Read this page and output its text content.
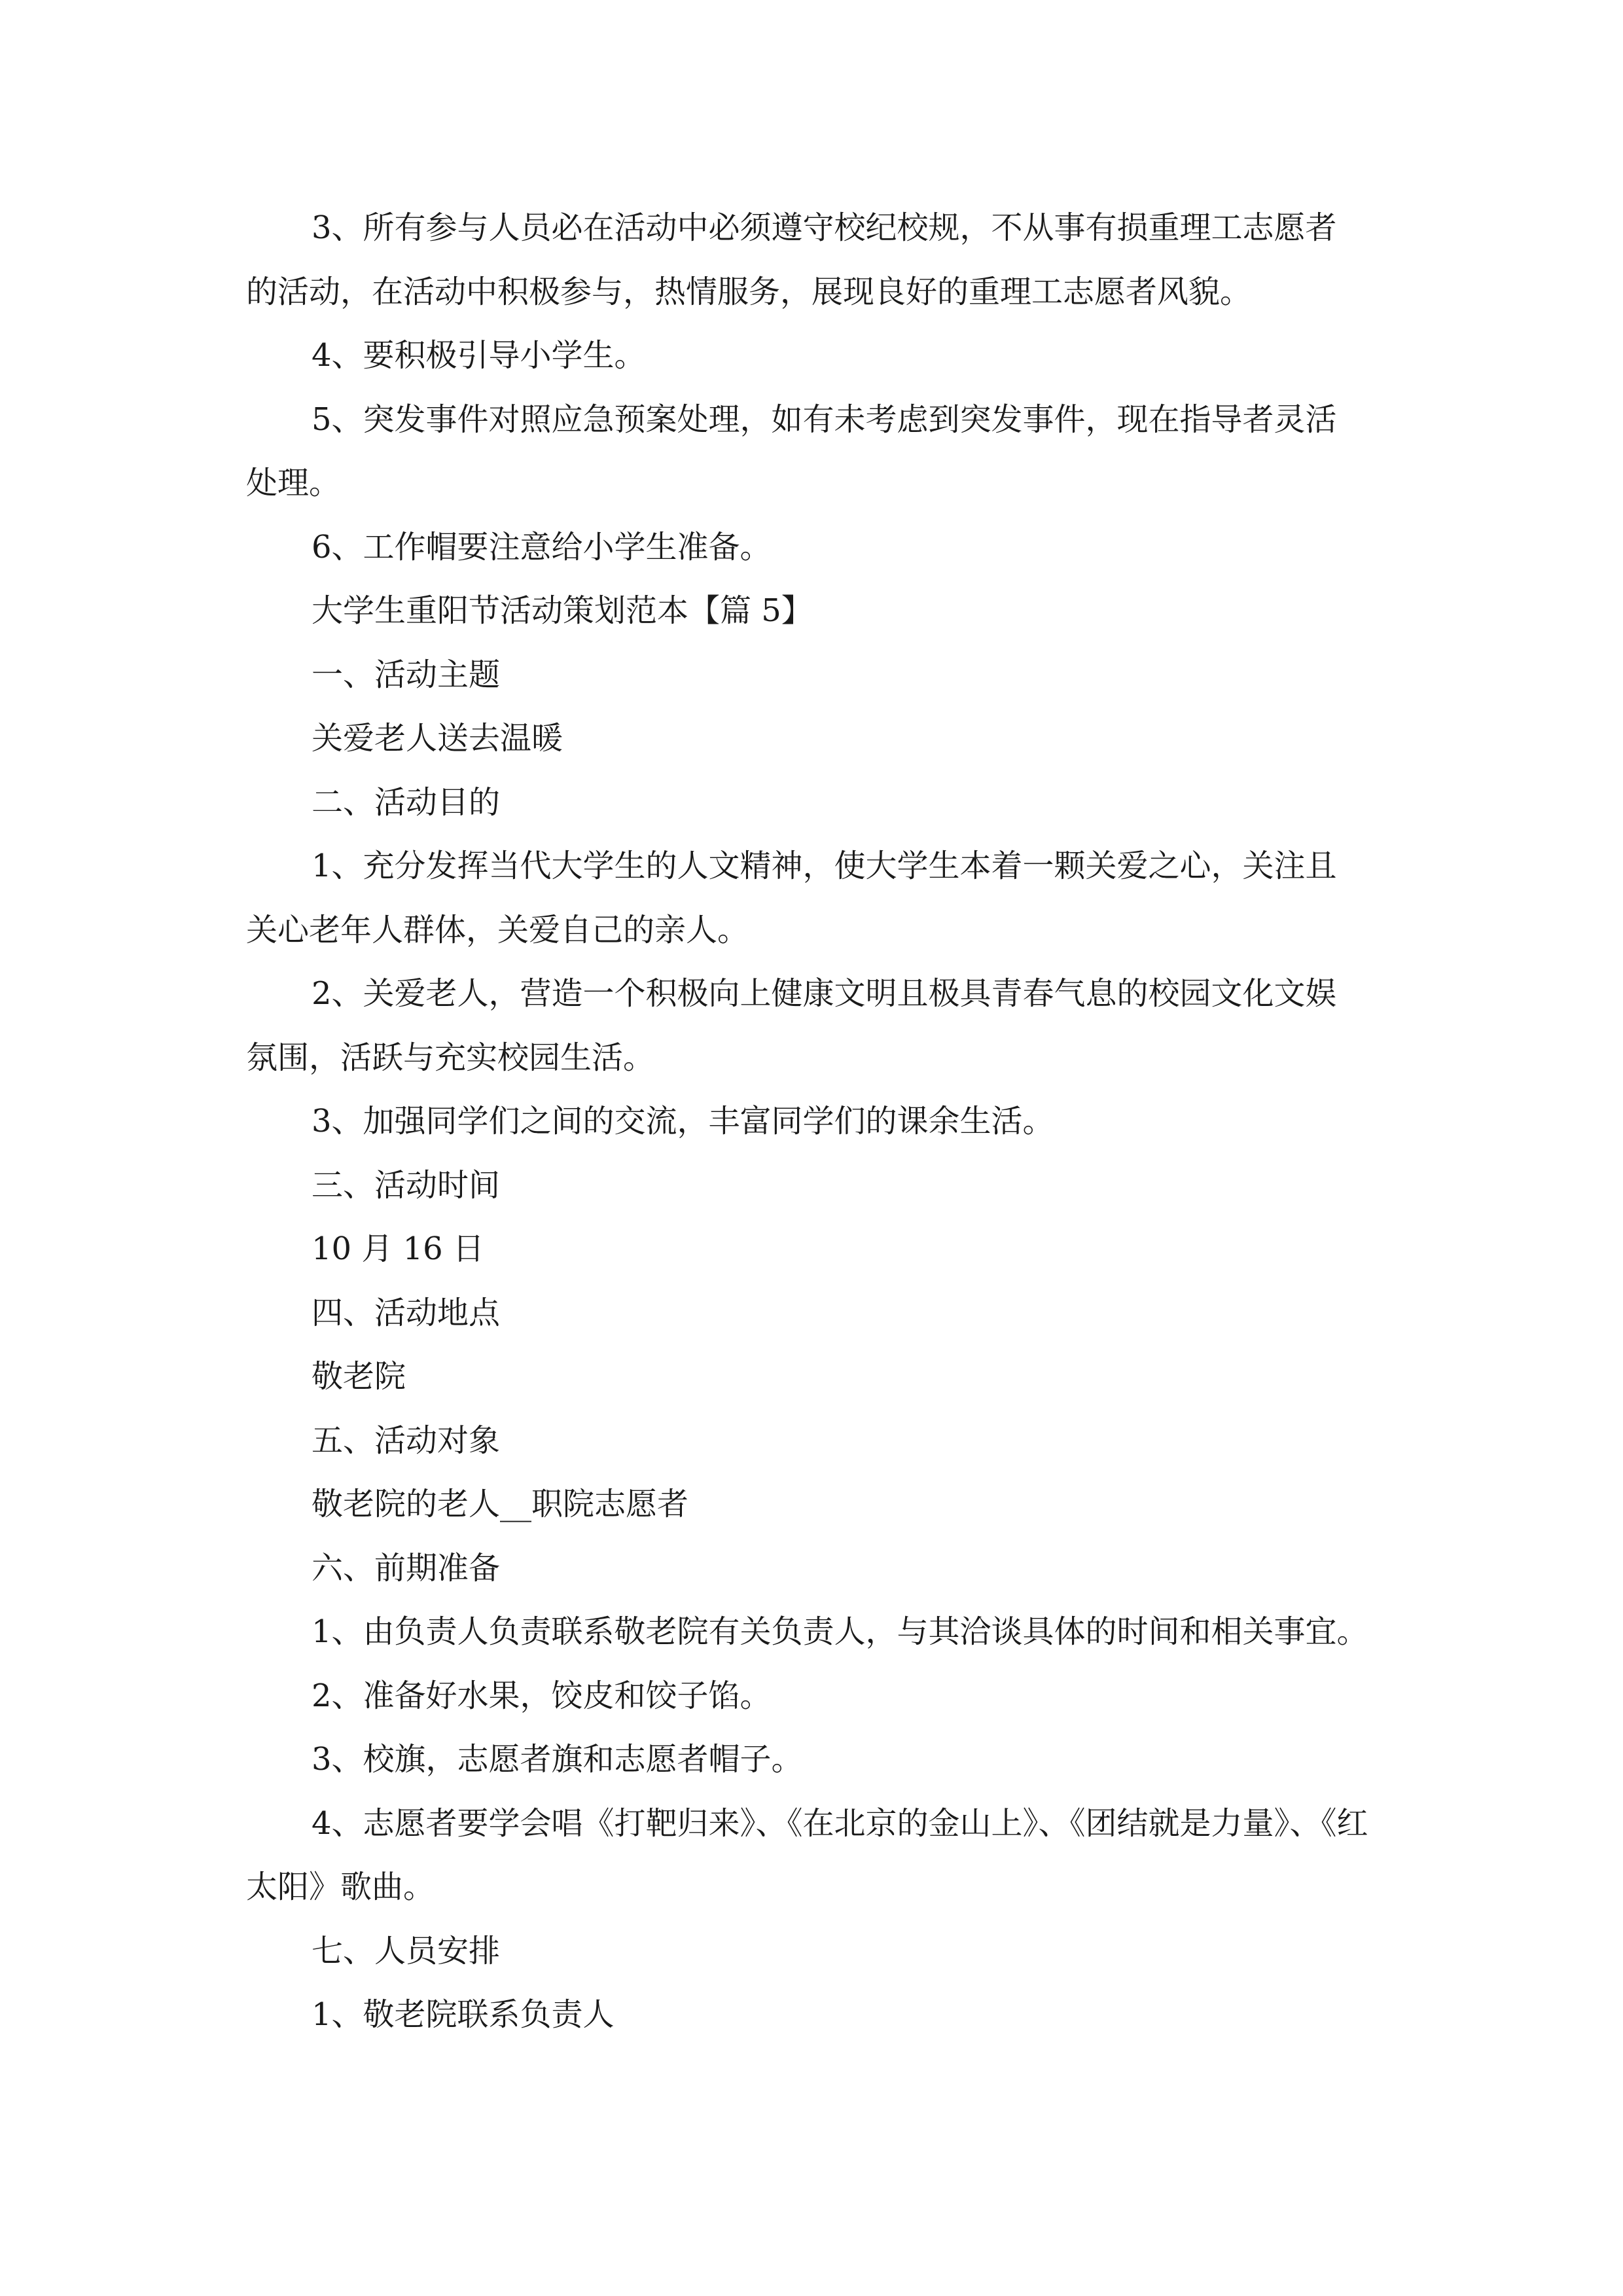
3、所有参与人员必在活动中必须遵守校纪校规，不从事有损重理工志愿者
的活动，在活动中积极参与，热情服务，展现良好的重理工志愿者风貌。
4、要积极引导小学生。
5、突发事件对照应急预案处理，如有未考虑到突发事件，现在指导者灵活
处理。
6、工作帽要注意给小学生准备。
大学生重阳节活动策划范本【篇 5】
一、活动主题
关爱老人送去温暖
二、活动目的
1、充分发挥当代大学生的人文精神，使大学生本着一颗关爱之心，关注且
关心老年人群体，关爱自己的亲人。
2、关爱老人，营造一个积极向上健康文明且极具青春气息的校园文化文娱
氛围，活跃与充实校园生活。
3、加强同学们之间的交流，丰富同学们的课余生活。
三、活动时间
10 月 16 日
四、活动地点
敬老院
五、活动对象
敬老院的老人__职院志愿者
六、前期准备
1、由负责人负责联系敬老院有关负责人，与其洽谈具体的时间和相关事宜。
2、准备好水果，饺皮和饺子馅。
3、校旗，志愿者旗和志愿者帽子。
4、志愿者要学会唱《打靶归来》、《在北京的金山上》、《团结就是力量》、《红
太阳》歌曲。
七、人员安排
1、敬老院联系负责人
